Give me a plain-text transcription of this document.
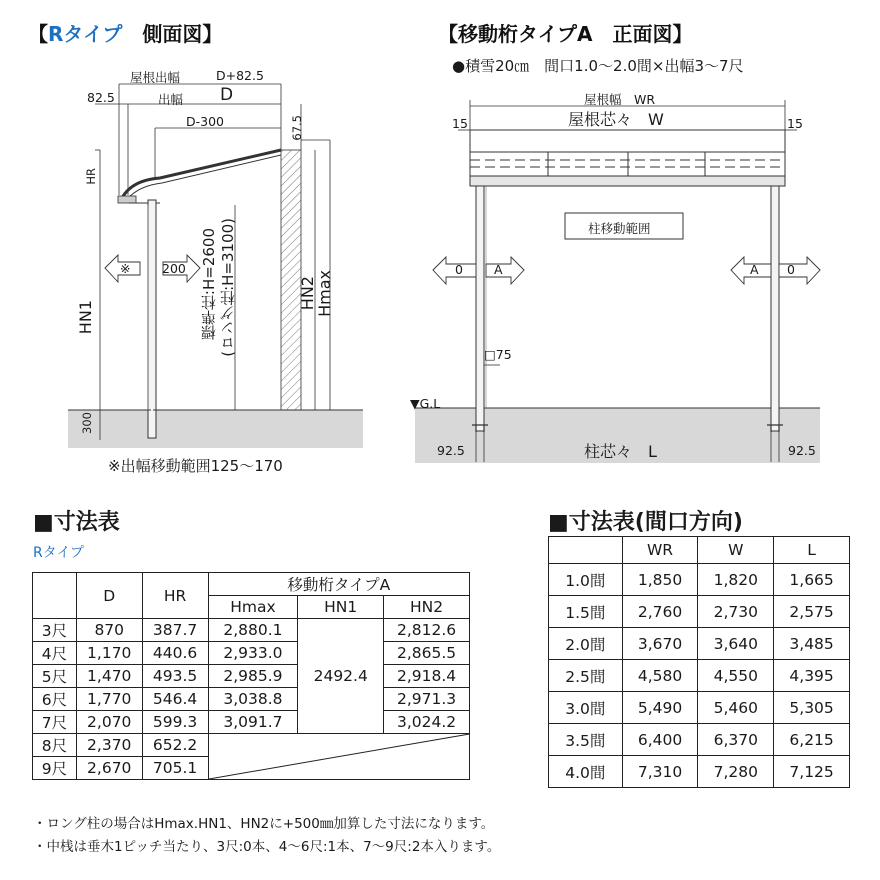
【Rタイプ　 側面図】
屋根出幅	D+82.5
82.5	出幅 D
D-300	67.5
HR
※	200 標準柱:H=2600 (ロング柱:H=3100)
HN1
HN2
Hmax
300
※出幅移動範囲125〜170
【移動桁タイプA　正面図】
●積雪20㎝　間口1.0〜2.0間×出幅3〜7尺
屋根幅　WR
屋根芯々　W
15	15
柱移動範囲
0 A	A 0
□75
▼G.L
92.5	柱芯々　L	92.5
■寸法表
Rタイプ
	D	HR	移動桁タイプA		
			Hmax	HN1	HN2
3尺	870	387.7	2,880.1	2492.4	2,812.6
4尺	1,170	440.6	2,933.0		2,865.5
5尺	1,470	493.5	2,985.9		2,918.4
6尺	1,770	546.4	3,038.8		2,971.3
7尺	2,070	599.3	3,091.7		3,024.2
8尺	2,370	652.2	

9尺	2,670	705.1			
■寸法表(間口方向)
	WR	W	L
1.0間	1,850	1,820	1,665
1.5間	2,760	2,730	2,575
2.0間	3,670	3,640	3,485
2.5間	4,580	4,550	4,395
3.0間	5,490	5,460	5,305
3.5間	6,400	6,370	6,215
4.0間	7,310	7,280	7,125
・ロング柱の場合はHmax.HN1、HN2に+500㎜加算した寸法になります。
・中桟は垂木1ピッチ当たり、3尺:0本、4〜6尺:1本、7〜9尺:2本入ります。
